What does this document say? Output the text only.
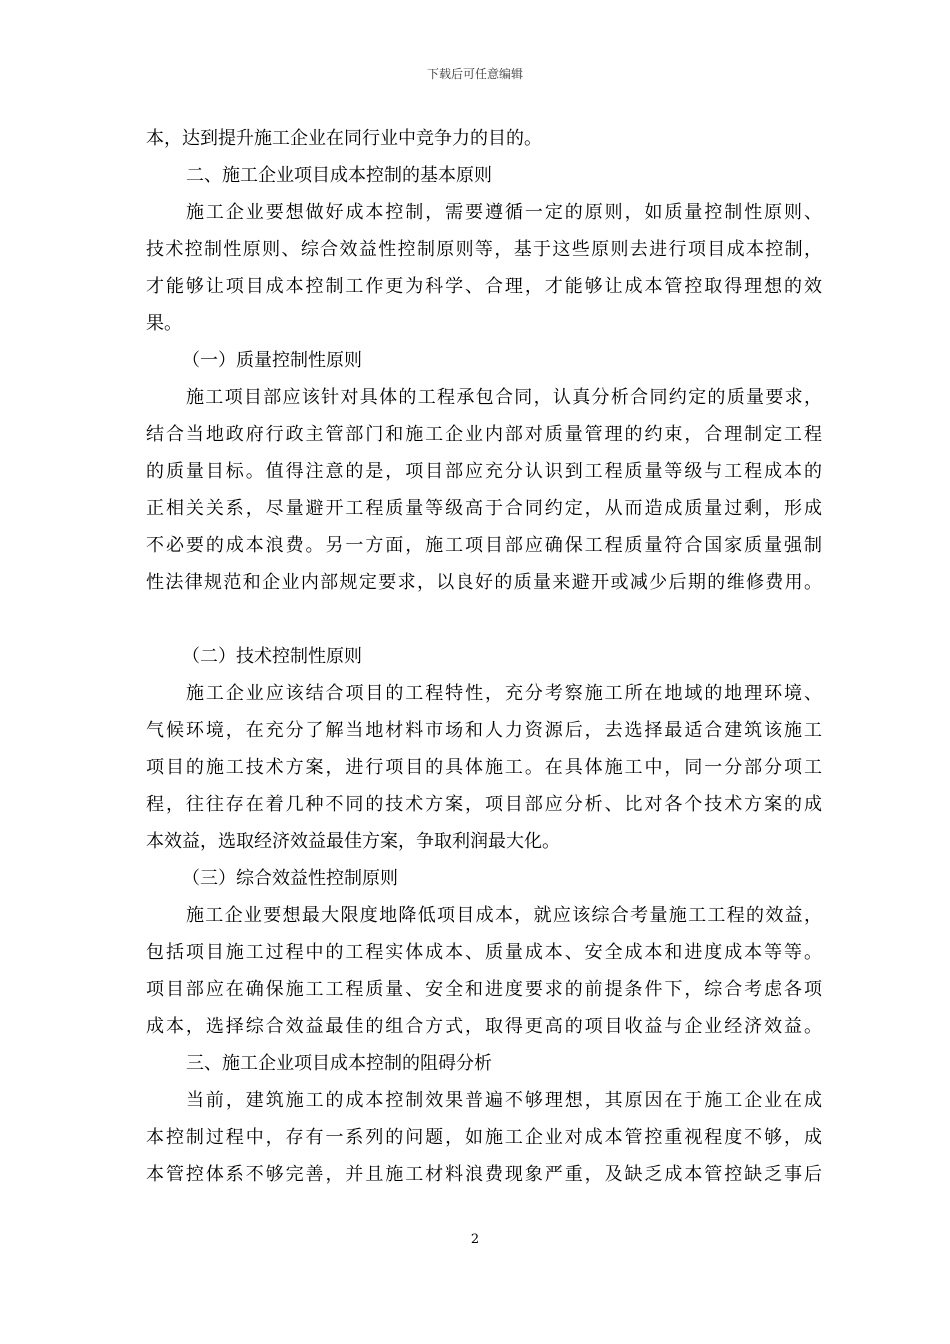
下载后可任意编辑
本，达到提升施工企业在同行业中竞争力的目的。
二、施工企业项目成本控制的基本原则
施工企业要想做好成本控制，需要遵循一定的原则，如质量控制性原则、
技术控制性原则、综合效益性控制原则等，基于这些原则去进行项目成本控制，
才能够让项目成本控制工作更为科学、合理，才能够让成本管控取得理想的效
果。
（一）质量控制性原则
施工项目部应该针对具体的工程承包合同，认真分析合同约定的质量要求，
结合当地政府行政主管部门和施工企业内部对质量管理的约束，合理制定工程
的质量目标。值得注意的是，项目部应充分认识到工程质量等级与工程成本的
正相关关系，尽量避开工程质量等级高于合同约定，从而造成质量过剩，形成
不必要的成本浪费。另一方面，施工项目部应确保工程质量符合国家质量强制
性法律规范和企业内部规定要求，以良好的质量来避开或减少后期的维修费用。
（二）技术控制性原则
施工企业应该结合项目的工程特性，充分考察施工所在地域的地理环境、
气候环境，在充分了解当地材料市场和人力资源后，去选择最适合建筑该施工
项目的施工技术方案，进行项目的具体施工。在具体施工中，同一分部分项工
程，往往存在着几种不同的技术方案，项目部应分析、比对各个技术方案的成
本效益，选取经济效益最佳方案，争取利润最大化。
（三）综合效益性控制原则
施工企业要想最大限度地降低项目成本，就应该综合考量施工工程的效益，
包括项目施工过程中的工程实体成本、质量成本、安全成本和进度成本等等。
项目部应在确保施工工程质量、安全和进度要求的前提条件下，综合考虑各项
成本，选择综合效益最佳的组合方式，取得更高的项目收益与企业经济效益。
三、施工企业项目成本控制的阻碍分析
当前，建筑施工的成本控制效果普遍不够理想，其原因在于施工企业在成
本控制过程中，存有一系列的问题，如施工企业对成本管控重视程度不够，成
本管控体系不够完善，并且施工材料浪费现象严重，及缺乏成本管控缺乏事后
2
